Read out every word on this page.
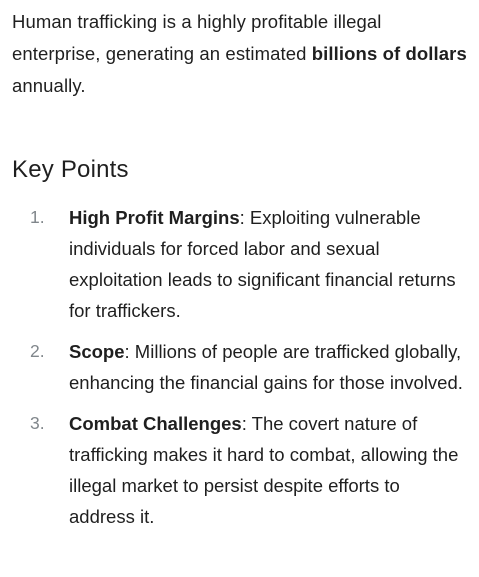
Human trafficking is a highly profitable illegal enterprise, generating an estimated billions of dollars annually.

Key Points
1. High Profit Margins: Exploiting vulnerable individuals for forced labor and sexual exploitation leads to significant financial returns for traffickers.
2. Scope: Millions of people are trafficked globally, enhancing the financial gains for those involved.
3. Combat Challenges: The covert nature of trafficking makes it hard to combat, allowing the illegal market to persist despite efforts to address it.
